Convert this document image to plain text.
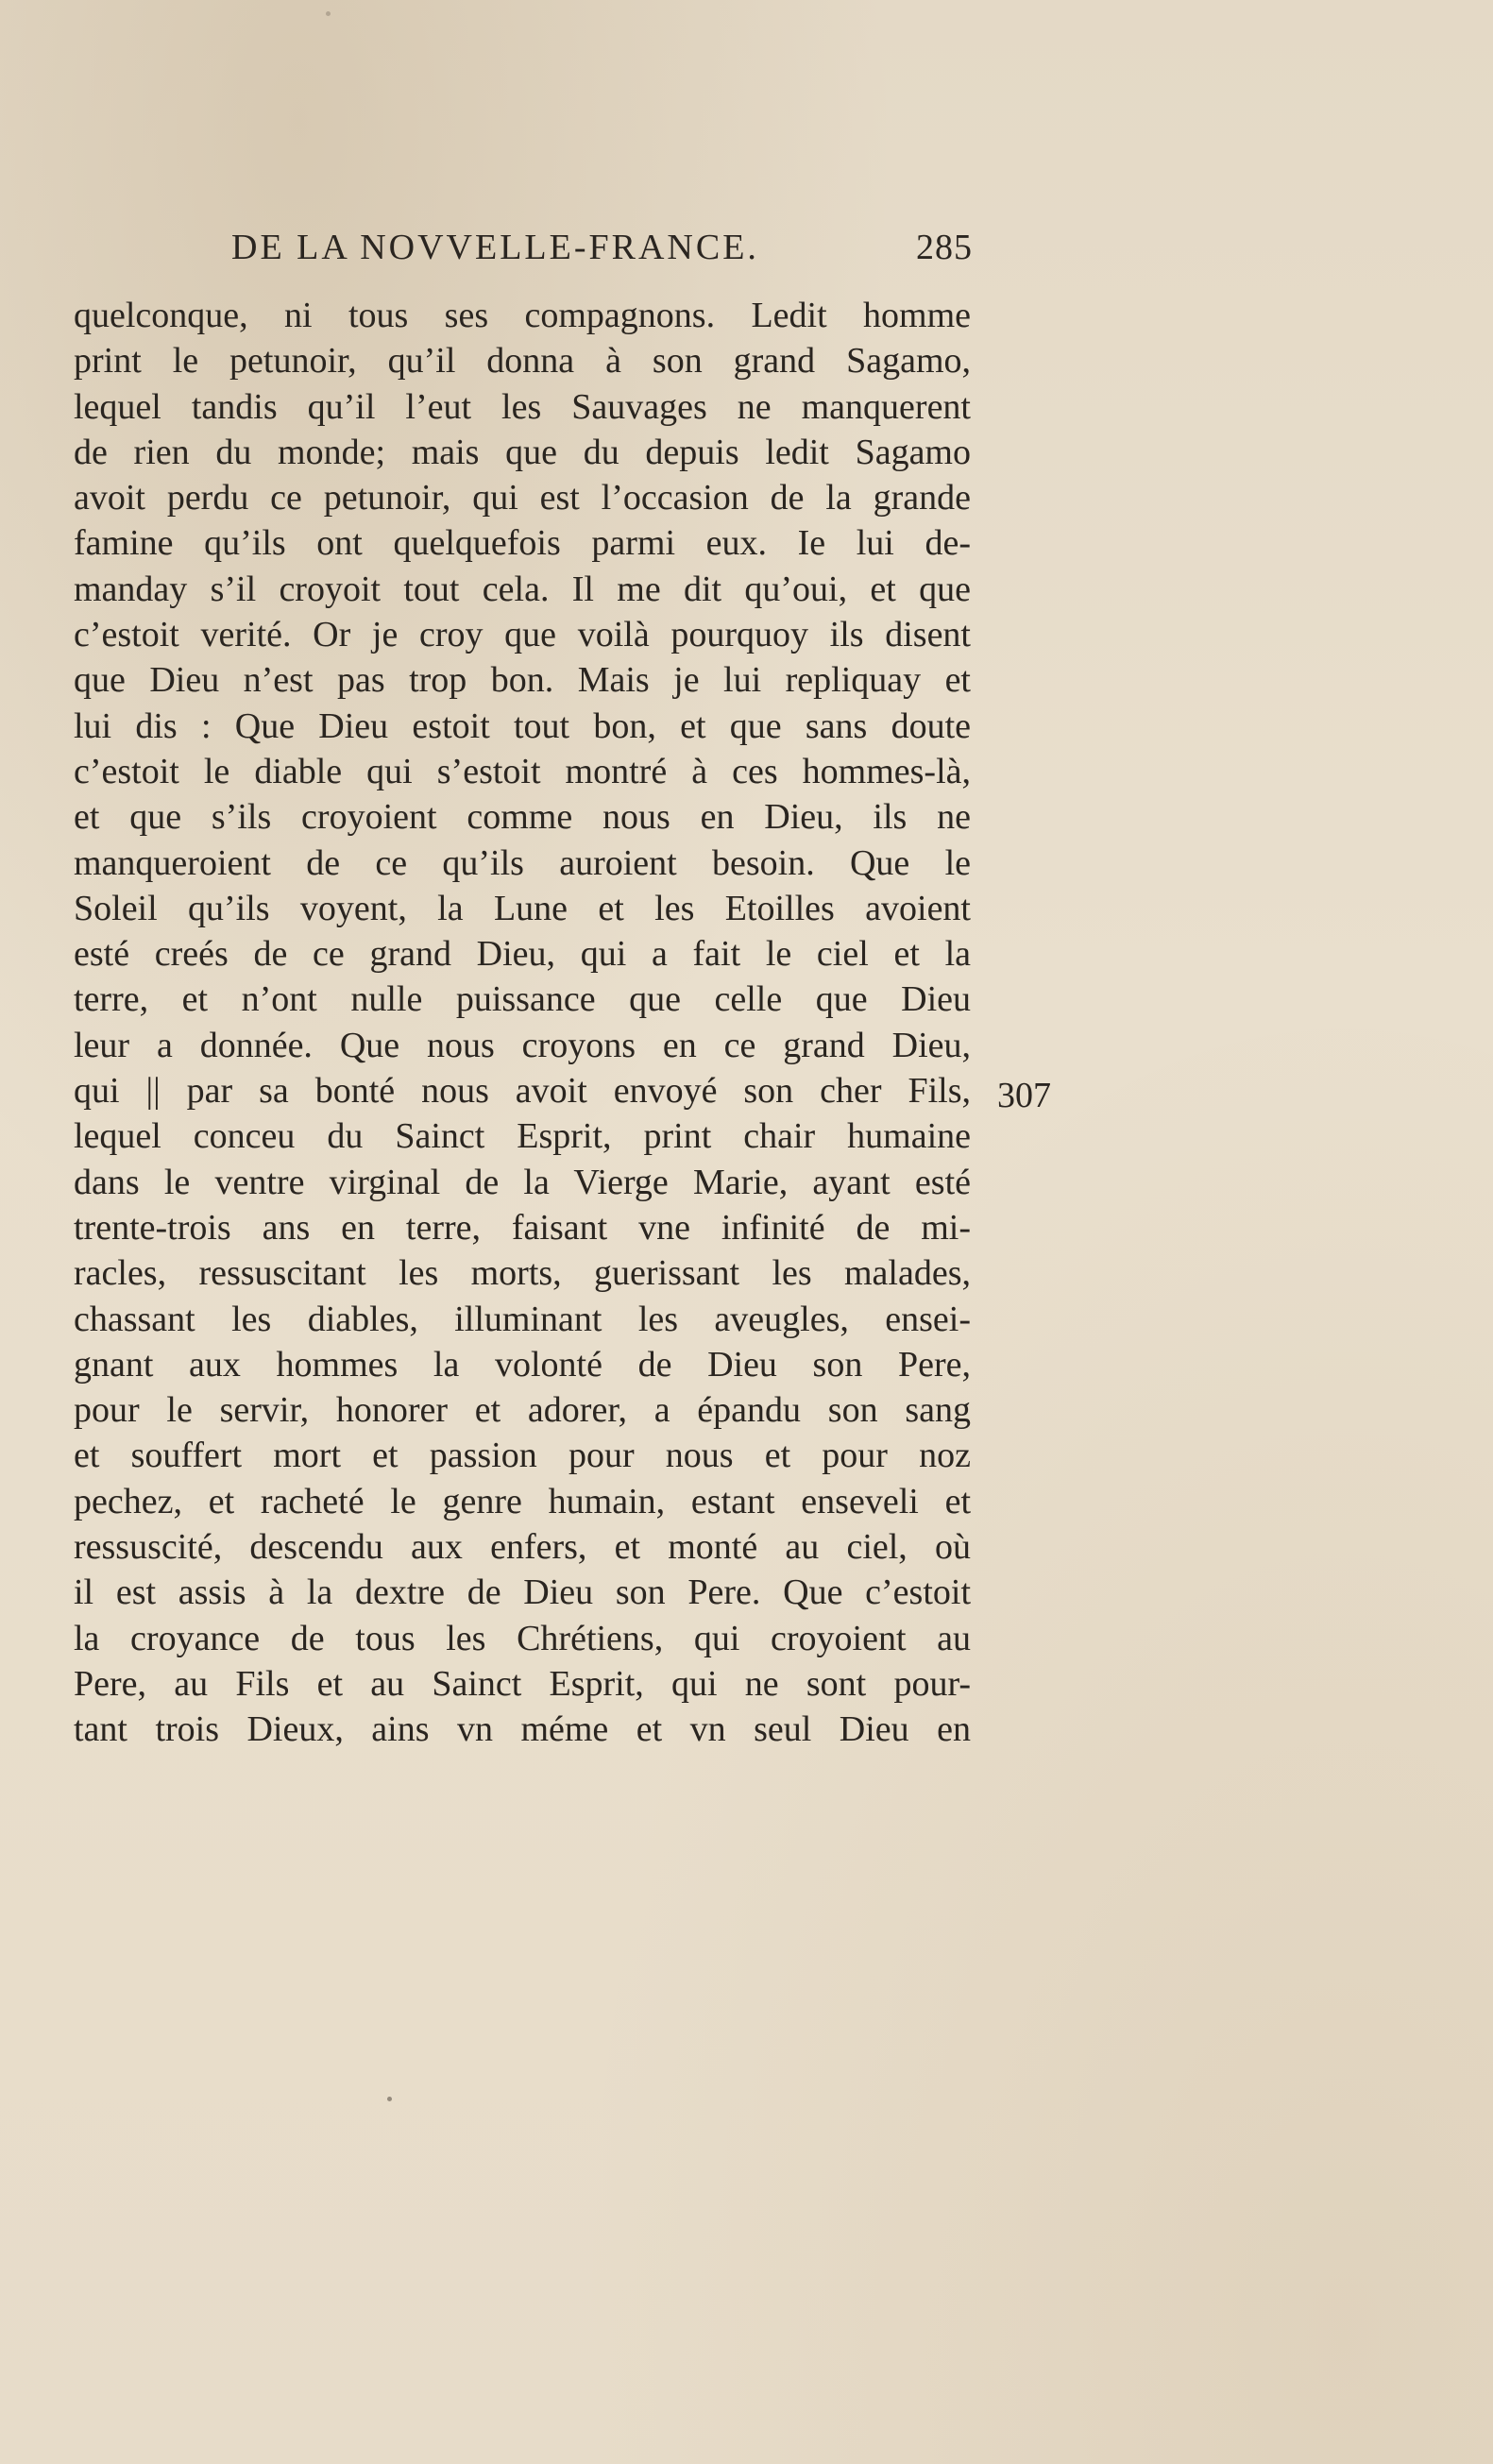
DE LA NOVVELLE-FRANCE.	285
quelconque, ni tous ses compagnons. Ledit homme
print le petunoir, qu’il donna à son grand Sagamo,
lequel tandis qu’il l’eut les Sauvages ne manquerent
de rien du monde; mais que du depuis ledit Sagamo
avoit perdu ce petunoir, qui est l’occasion de la grande
famine qu’ils ont quelquefois parmi eux. Ie lui de-
manday s’il croyoit tout cela. Il me dit qu’oui, et que
c’estoit verité. Or je croy que voilà pourquoy ils disent
que Dieu n’est pas trop bon. Mais je lui repliquay et
lui dis : Que Dieu estoit tout bon, et que sans doute
c’estoit le diable qui s’estoit montré à ces hommes-là,
et que s’ils croyoient comme nous en Dieu, ils ne
manqueroient de ce qu’ils auroient besoin. Que le
Soleil qu’ils voyent, la Lune et les Etoilles avoient
esté creés de ce grand Dieu, qui a fait le ciel et la
terre, et n’ont nulle puissance que celle que Dieu
leur a donnée. Que nous croyons en ce grand Dieu,
qui || par sa bonté nous avoit envoyé son cher Fils,
lequel conceu du Sainct Esprit, print chair humaine
dans le ventre virginal de la Vierge Marie, ayant esté
trente-trois ans en terre, faisant vne infinité de mi-
racles, ressuscitant les morts, guerissant les malades,
chassant les diables, illuminant les aveugles, ensei-
gnant aux hommes la volonté de Dieu son Pere,
pour le servir, honorer et adorer, a épandu son sang
et souffert mort et passion pour nous et pour noz
pechez, et racheté le genre humain, estant enseveli et
ressuscité, descendu aux enfers, et monté au ciel, où
il est assis à la dextre de Dieu son Pere. Que c’estoit
la croyance de tous les Chrétiens, qui croyoient au
Pere, au Fils et au Sainct Esprit, qui ne sont pour-
tant trois Dieux, ains vn méme et vn seul Dieu en
307
